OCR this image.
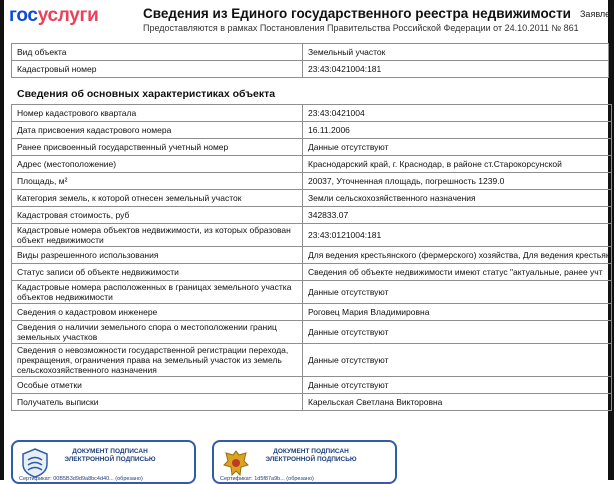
госуслуги	Сведения из Единого государственного реестра недвижимости
Предоставляются в рамках Постановления Правительства Российской Федерации от 24.10.2011 № 861
Заявле
Вид объекта	Земельный участок
Кадастровый номер	23:43:0421004:181
Сведения об основных характеристиках объекта
Номер кадастрового квартала	23:43:0421004
Дата присвоения кадастрового номера	16.11.2006
Ранее присвоенный государственный учетный номер	Данные отсутствуют
Адрес (местоположение)	Краснодарский край, г. Краснодар, в районе ст.Старокорсунской
Площадь, м²	20037, Уточненная площадь, погрешность 1239.0
Категория земель, к которой отнесен земельный участок	Земли сельскохозяйственного назначения
Кадастровая стоимость, руб	342833.07
Кадастровые номера объектов недвижимости, из которых образован объект недвижимости	23:43:0121004:181
Виды разрешенного использования	Для ведения крестьянского (фермерского) хозяйства, Для ведения крестьян
Статус записи об объекте недвижимости	Сведения об объекте недвижимости имеют статус "актуальные, ранее учт
Кадастровые номера расположенных в границах земельного участка объектов недвижимости	Данные отсутствуют
Сведения о кадастровом инженере	Роговец Мария Владимировна
Сведения о наличии земельного спора о местоположении границ земельных участков	Данные отсутствуют
Сведения о невозможности государственной регистрации перехода, прекращения, ограничения права на земельный участок из земель сельскохозяйственного назначения	Данные отсутствуют
Особые отметки	Данные отсутствуют
Получатель выписки	Карельская Светлана Викторовна
ДОКУМЕНТ ПОДПИСАН ЭЛЕКТРОННОЙ ПОДПИСЬЮ
Сертификат: 00B5B3d9d9a8bc4d40... (обрезано)
ДОКУМЕНТ ПОДПИСАН ЭЛЕКТРОННОЙ ПОДПИСЬЮ
Сертификат: 1d5f87a9b... (обрезано)
